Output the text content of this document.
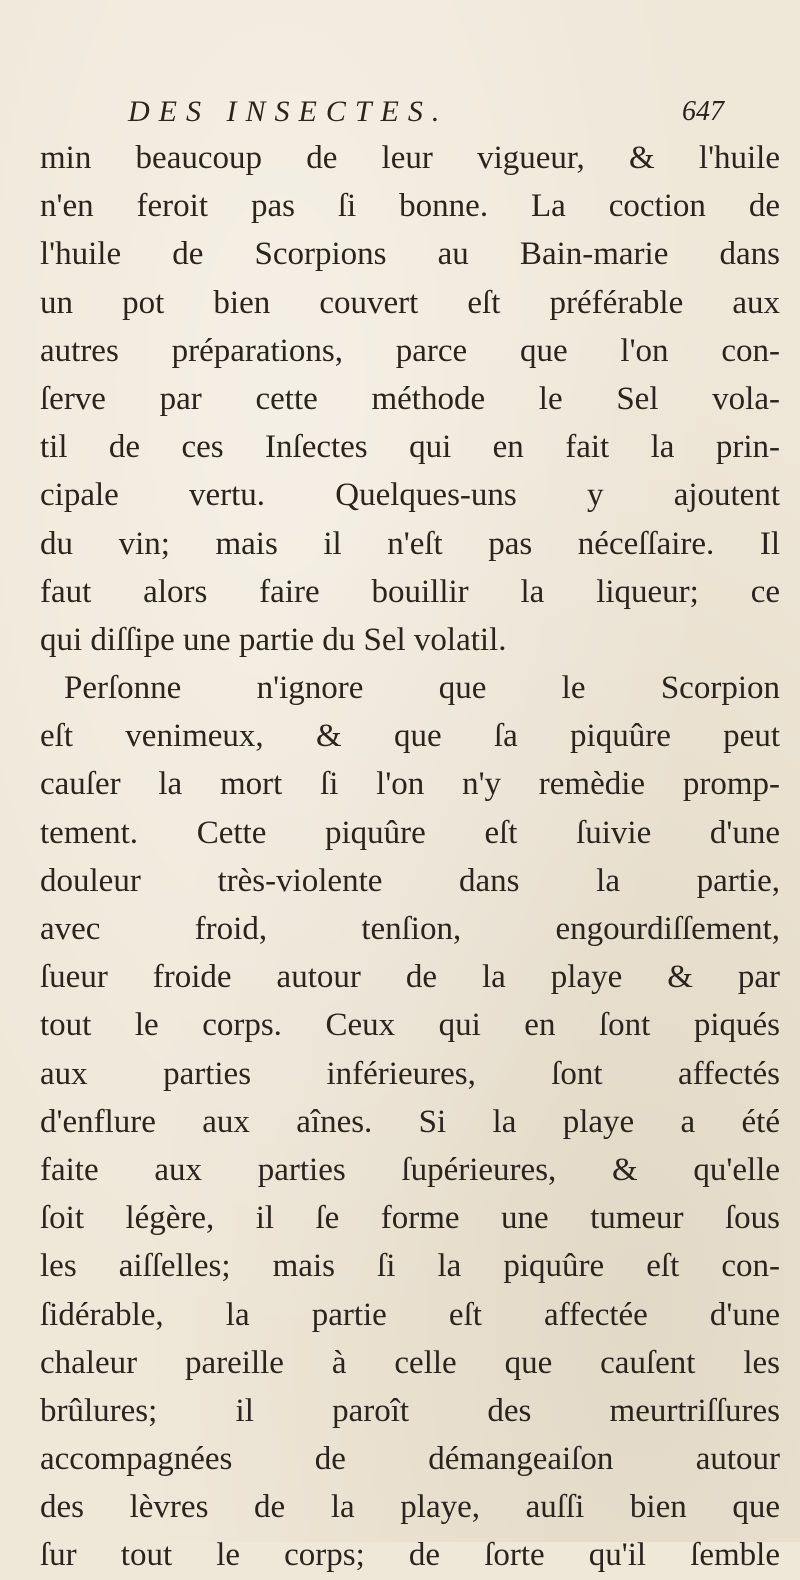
DES INSECTES.	647
min beaucoup de leur vigueur, & l'huile
n'en feroit pas ſi bonne. La coction de
l'huile de Scorpions au Bain-marie dans
un pot bien couvert eſt préférable aux
autres préparations, parce que l'on con-
ſerve par cette méthode le Sel vola-
til de ces Inſectes qui en fait la prin-
cipale vertu. Quelques-uns y ajoutent
du vin; mais il n'eſt pas néceſſaire. Il
faut alors faire bouillir la liqueur; ce
qui diſſipe une partie du Sel volatil.
Perſonne n'ignore que le Scorpion
eſt venimeux, & que ſa piquûre peut
cauſer la mort ſi l'on n'y remèdie promp-
tement. Cette piquûre eſt ſuivie d'une
douleur très-violente dans la partie,
avec froid, tenſion, engourdiſſement,
ſueur froide autour de la playe & par
tout le corps. Ceux qui en ſont piqués
aux parties inférieures, ſont affectés
d'enflure aux aînes. Si la playe a été
faite aux parties ſupérieures, & qu'elle
ſoit légère, il ſe forme une tumeur ſous
les aiſſelles; mais ſi la piquûre eſt con-
ſidérable, la partie eſt affectée d'une
chaleur pareille à celle que cauſent les
brûlures; il paroît des meurtriſſures
accompagnées de démangeaiſon autour
des lèvres de la playe, auſſi bien que
ſur tout le corps; de ſorte qu'il ſemble
